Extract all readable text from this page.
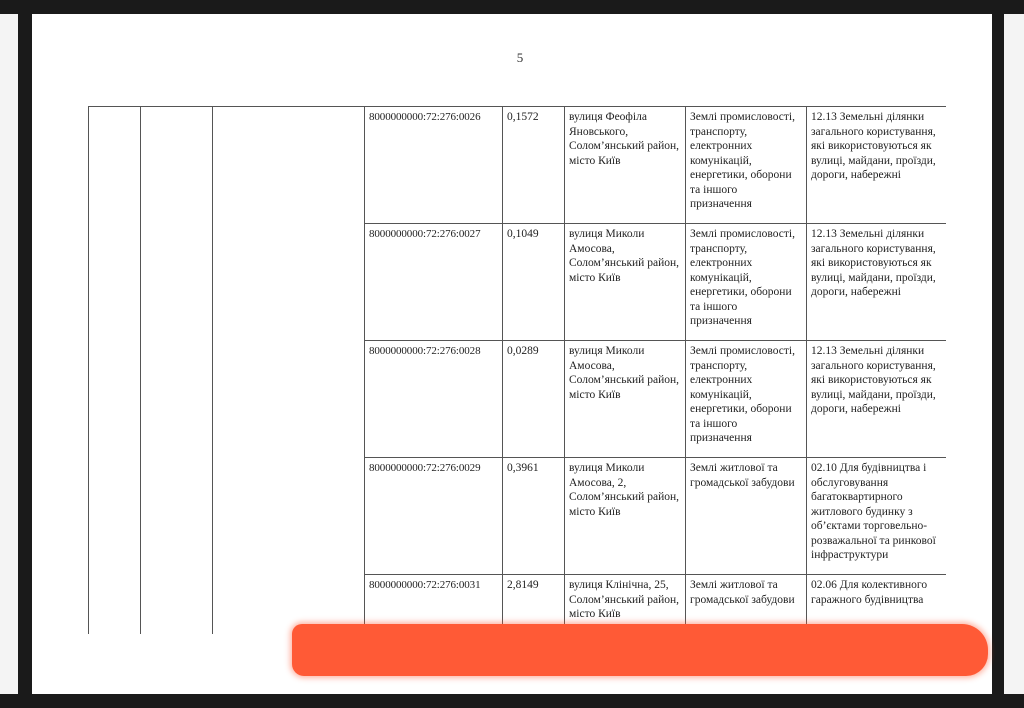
5
			8000000000:72:276:0026	0,1572	вулиця Феофіла Яновського, Солом’янський район, місто Київ	Землі промисловості, транспорту, електронних комунікацій, енергетики, оборони та іншого призначення	12.13 Земельні ділянки загального користування, які використовуються як вулиці, майдани, проїзди, дороги, набережні
			8000000000:72:276:0027	0,1049	вулиця Миколи Амосова, Солом’янський район, місто Київ	Землі промисловості, транспорту, електронних комунікацій, енергетики, оборони та іншого призначення	12.13 Земельні ділянки загального користування, які використовуються як вулиці, майдани, проїзди, дороги, набережні
			8000000000:72:276:0028	0,0289	вулиця Миколи Амосова, Солом’янський район, місто Київ	Землі промисловості, транспорту, електронних комунікацій, енергетики, оборони та іншого призначення	12.13 Земельні ділянки загального користування, які використовуються як вулиці, майдани, проїзди, дороги, набережні
			8000000000:72:276:0029	0,3961	вулиця Миколи Амосова, 2, Солом’янський район, місто Київ	Землі житлової та громадської забудови	02.10 Для будівництва і обслуговування багатоквартирного житлового будинку з об’єктами торговельно-розважальної та ринкової інфраструктури
			8000000000:72:276:0031	2,8149	вулиця Клінічна, 25, Солом’янський район, місто Київ	Землі житлової та громадської забудови	02.06 Для колективного гаражного будівництва
